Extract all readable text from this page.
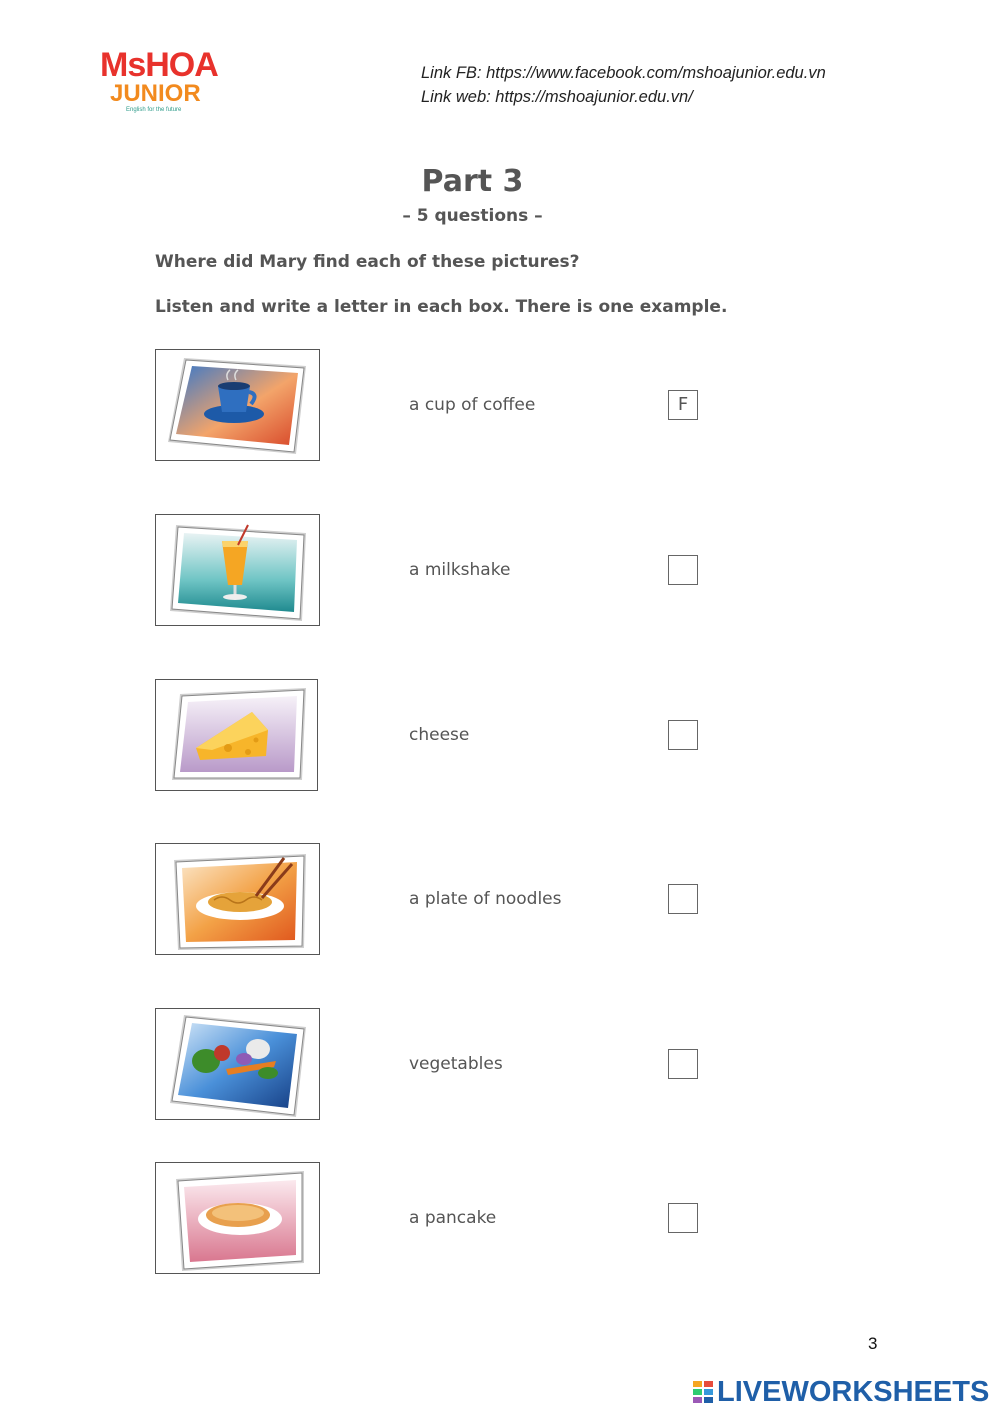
MsHOA
JUNIOR
English for the future
Link FB: https://www.facebook.com/mshoajunior.edu.vn
Link web: https://mshoajunior.edu.vn/
Part 3
– 5 questions –
Where did Mary find each of these pictures?
Listen and write a letter in each box. There is one example.
a cup of coffee	F
a milkshake
cheese
a plate of noodles
vegetables
a pancake
3
LIVEWORKSHEETS
